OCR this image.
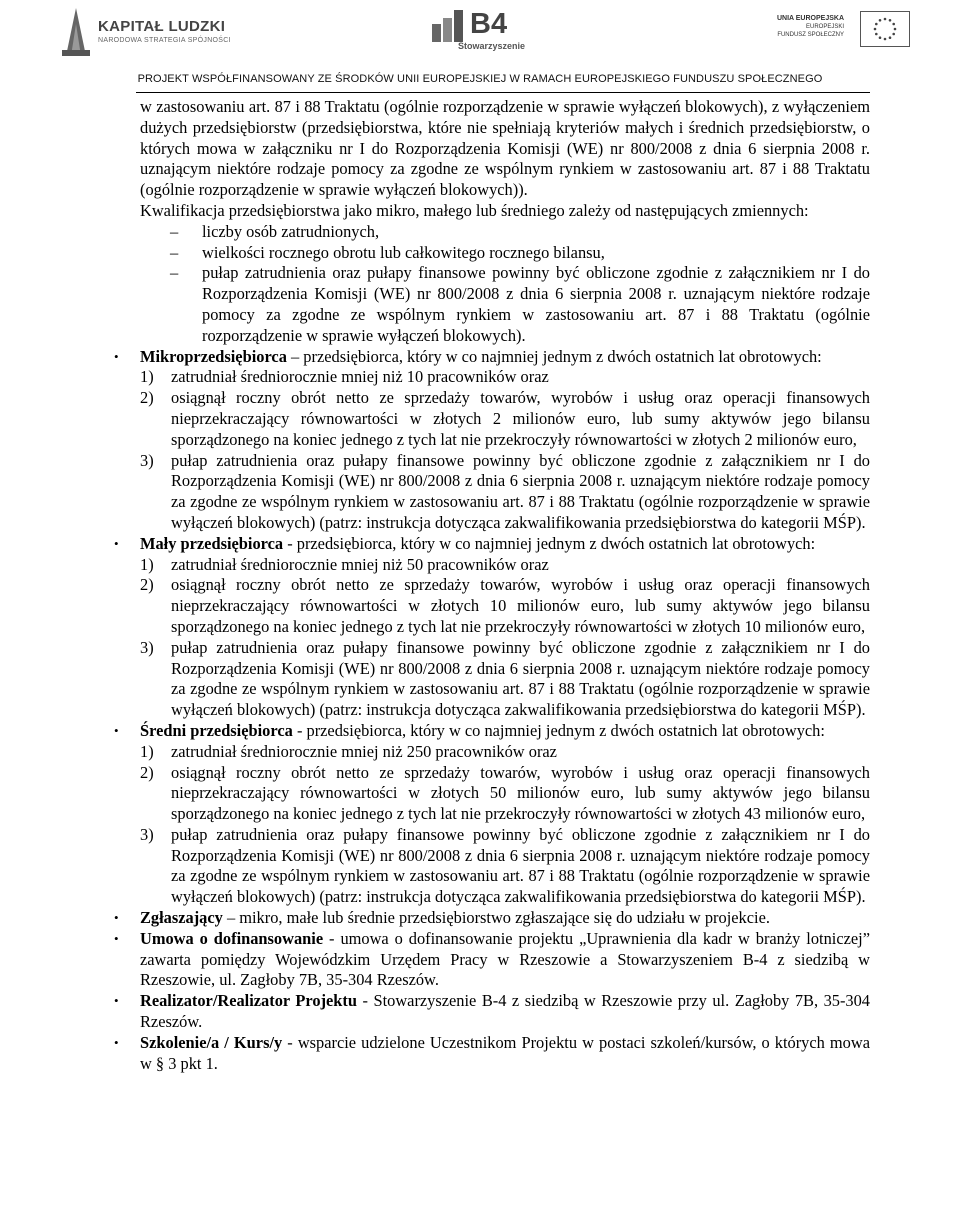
KAPITAŁ LUDZKI
NARODOWA STRATEGIA SPÓJNOŚCI
B4
Stowarzyszenie
UNIA EUROPEJSKA
EUROPEJSKI
FUNDUSZ SPOŁECZNY
PROJEKT WSPÓŁFINANSOWANY ZE ŚRODKÓW UNII EUROPEJSKIEJ W RAMACH EUROPEJSKIEGO FUNDUSZU SPOŁECZNEGO

w zastosowaniu art. 87 i 88 Traktatu (ogólnie rozporządzenie w sprawie wyłączeń blokowych), z wyłączeniem dużych przedsiębiorstw (przedsiębiorstwa, które nie spełniają kryteriów małych i średnich przedsiębiorstw, o których mowa w załączniku nr I do Rozporządzenia Komisji (WE) nr 800/2008 z dnia 6 sierpnia 2008 r. uznającym niektóre rodzaje pomocy za zgodne ze wspólnym rynkiem w zastosowaniu art. 87 i 88 Traktatu (ogólnie rozporządzenie w sprawie wyłączeń blokowych)).

Kwalifikacja przedsiębiorstwa jako mikro, małego lub średniego zależy od następujących zmiennych:

– liczby osób zatrudnionych,
– wielkości rocznego obrotu lub całkowitego rocznego bilansu,
– pułap zatrudnienia oraz pułapy finansowe powinny być obliczone zgodnie z załącznikiem nr I do Rozporządzenia Komisji (WE) nr 800/2008 z dnia 6 sierpnia 2008 r. uznającym niektóre rodzaje pomocy za zgodne ze wspólnym rynkiem w zastosowaniu art. 87 i 88 Traktatu (ogólnie rozporządzenie w sprawie wyłączeń blokowych).
• Mikroprzedsiębiorca – przedsiębiorca, który w co najmniej jednym z dwóch ostatnich lat obrotowych:

1) zatrudniał średniorocznie mniej niż 10 pracowników oraz
2) osiągnął roczny obrót netto ze sprzedaży towarów, wyrobów i usług oraz operacji finansowych nieprzekraczający równowartości w złotych 2 milionów euro, lub sumy aktywów jego bilansu sporządzonego na koniec jednego z tych lat nie przekroczyły równowartości w złotych 2 milionów euro,
3) pułap zatrudnienia oraz pułapy finansowe powinny być obliczone zgodnie z załącznikiem nr I do Rozporządzenia Komisji (WE) nr 800/2008 z dnia 6 sierpnia 2008 r. uznającym niektóre rodzaje pomocy za zgodne ze wspólnym rynkiem w zastosowaniu art. 87 i 88 Traktatu (ogólnie rozporządzenie w sprawie wyłączeń blokowych) (patrz: instrukcja dotycząca zakwalifikowania przedsiębiorstwa do kategorii MŚP).
• Mały przedsiębiorca - przedsiębiorca, który w co najmniej jednym z dwóch ostatnich lat obrotowych:

1) zatrudniał średniorocznie mniej niż 50 pracowników oraz
2) osiągnął roczny obrót netto ze sprzedaży towarów, wyrobów i usług oraz operacji finansowych nieprzekraczający równowartości w złotych 10 milionów euro, lub sumy aktywów jego bilansu sporządzonego na koniec jednego z tych lat nie przekroczyły równowartości w złotych 10 milionów euro,
3) pułap zatrudnienia oraz pułapy finansowe powinny być obliczone zgodnie z załącznikiem nr I do Rozporządzenia Komisji (WE) nr 800/2008 z dnia 6 sierpnia 2008 r. uznającym niektóre rodzaje pomocy za zgodne ze wspólnym rynkiem w zastosowaniu art. 87 i 88 Traktatu (ogólnie rozporządzenie w sprawie wyłączeń blokowych) (patrz: instrukcja dotycząca zakwalifikowania przedsiębiorstwa do kategorii MŚP).
• Średni przedsiębiorca - przedsiębiorca, który w co najmniej jednym z dwóch ostatnich lat obrotowych:

1) zatrudniał średniorocznie mniej niż 250 pracowników oraz
2) osiągnął roczny obrót netto ze sprzedaży towarów, wyrobów i usług oraz operacji finansowych nieprzekraczający równowartości w złotych 50 milionów euro, lub sumy aktywów jego bilansu sporządzonego na koniec jednego z tych lat nie przekroczyły równowartości w złotych 43 milionów euro,
3) pułap zatrudnienia oraz pułapy finansowe powinny być obliczone zgodnie z załącznikiem nr I do Rozporządzenia Komisji (WE) nr 800/2008 z dnia 6 sierpnia 2008 r. uznającym niektóre rodzaje pomocy za zgodne ze wspólnym rynkiem w zastosowaniu art. 87 i 88 Traktatu (ogólnie rozporządzenie w sprawie wyłączeń blokowych) (patrz: instrukcja dotycząca zakwalifikowania przedsiębiorstwa do kategorii MŚP).
• Zgłaszający – mikro, małe lub średnie przedsiębiorstwo zgłaszające się do udziału w projekcie.

• Umowa o dofinansowanie - umowa o dofinansowanie projektu „Uprawnienia dla kadr w branży lotniczej” zawarta pomiędzy Wojewódzkim Urzędem Pracy w Rzeszowie a Stowarzyszeniem B-4 z siedzibą w Rzeszowie, ul. Zagłoby 7B, 35-304 Rzeszów.

• Realizator/Realizator Projektu - Stowarzyszenie B-4 z siedzibą w Rzeszowie przy ul. Zagłoby 7B, 35-304 Rzeszów.

• Szkolenie/a / Kurs/y - wsparcie udzielone Uczestnikom Projektu w postaci szkoleń/kursów, o których mowa w § 3 pkt 1.
